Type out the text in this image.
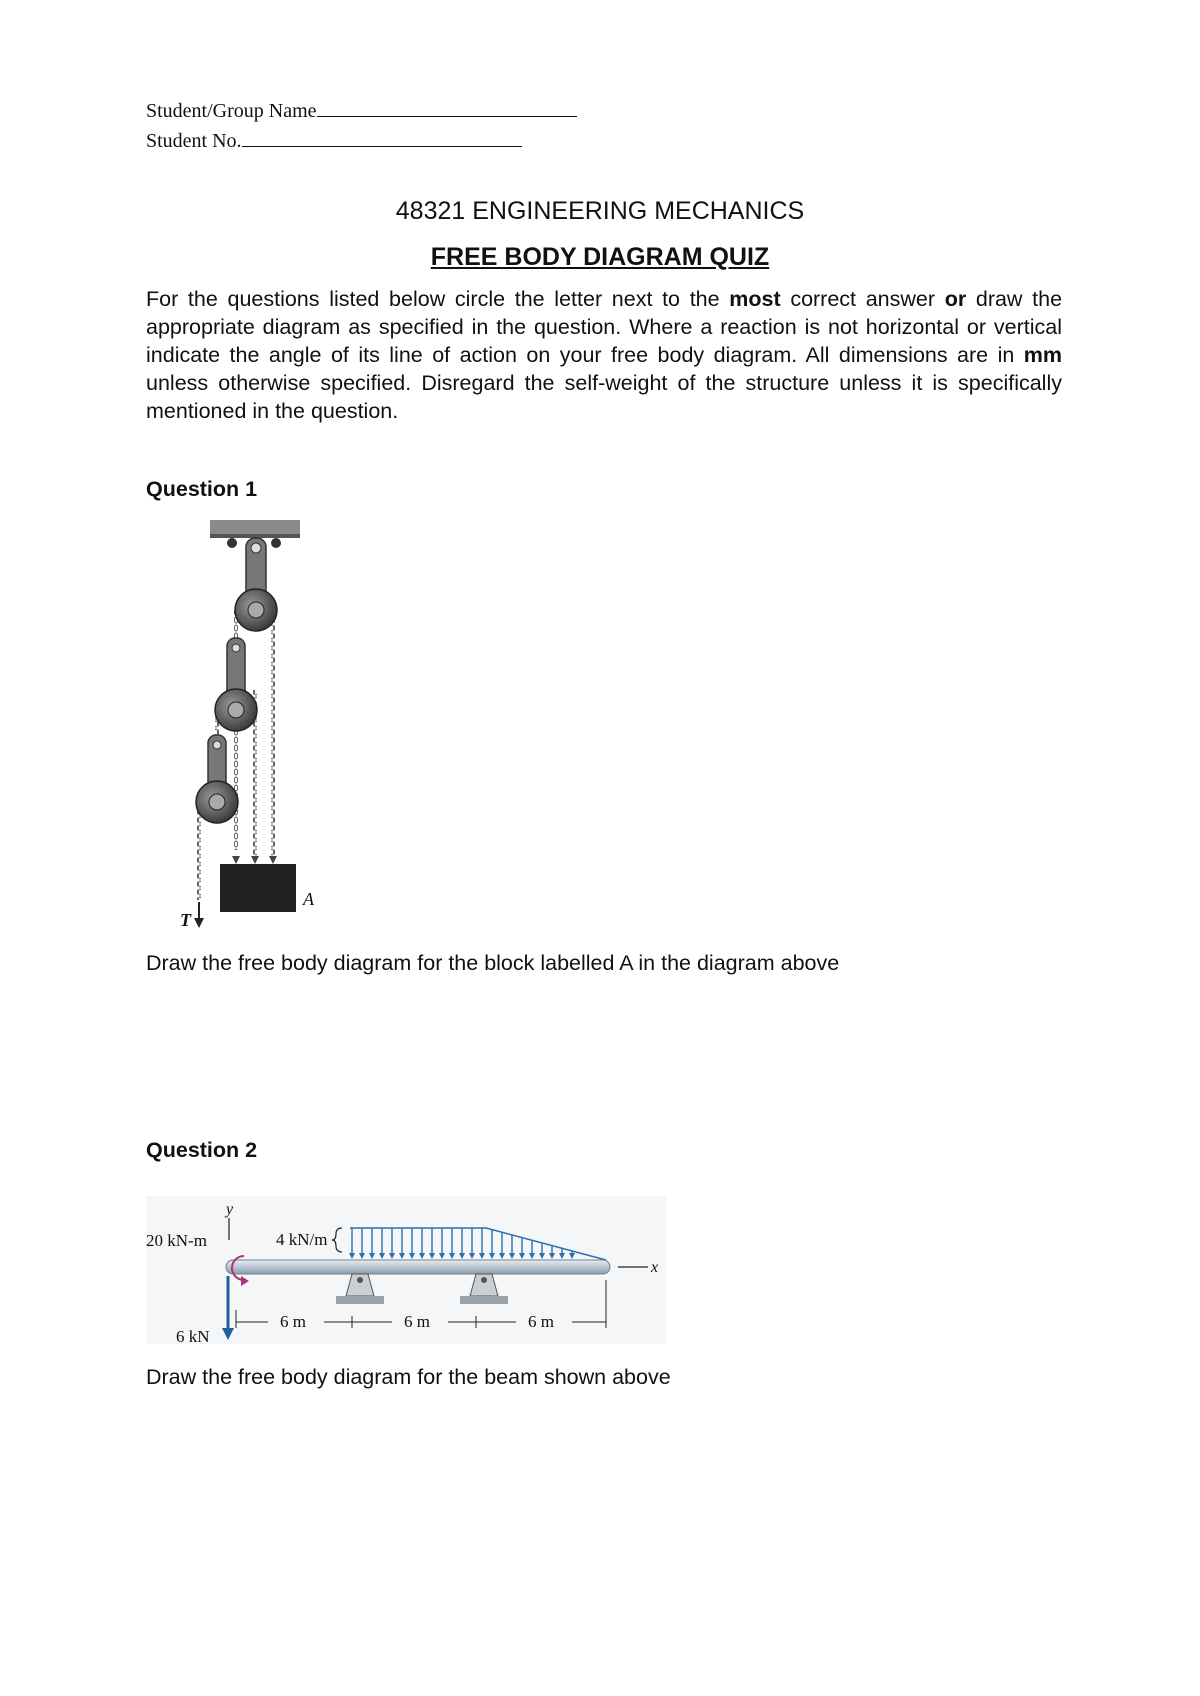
Student/Group Name
Student No.
48321 ENGINEERING MECHANICS
FREE BODY DIAGRAM QUIZ
For the questions listed below circle the letter next to the most correct answer or draw the appropriate diagram as specified in the question. Where a reaction is not horizontal or vertical indicate the angle of its line of action on your free body diagram. All dimensions are in mm unless otherwise specified. Disregard the self-weight of the structure unless it is specifically mentioned in the question.
Question 1
A
T
Draw the free body diagram for the block labelled A in the diagram above
Question 2
y
20 kN-m	4 kN/m
x
6 kN
6 m	6 m	6 m
Draw the free body diagram for the beam shown above
